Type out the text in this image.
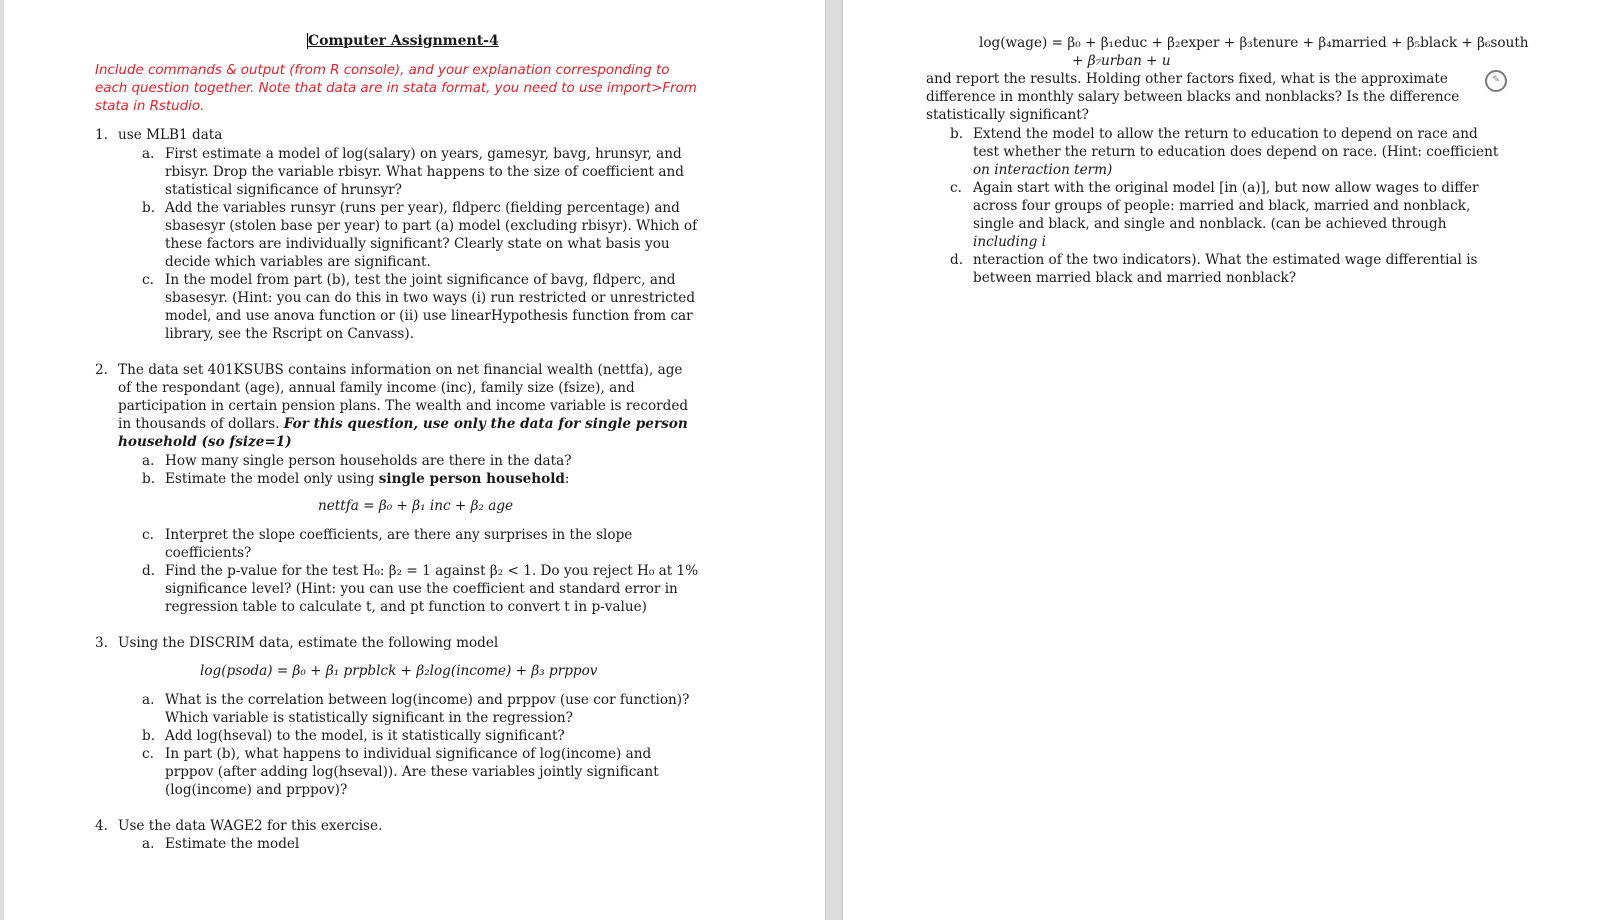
Computer Assignment-4
Include commands & output (from R console), and your explanation corresponding to
each question together. Note that data are in stata format, you need to use import>From
stata in Rstudio.
1. use MLB1 data
a. First estimate a model of log(salary) on years, gamesyr, bavg, hrunsyr, and
rbisyr. Drop the variable rbisyr. What happens to the size of coefficient and
statistical significance of hrunsyr?
b. Add the variables runsyr (runs per year), fldperc (fielding percentage) and
sbasesyr (stolen base per year) to part (a) model (excluding rbisyr). Which of
these factors are individually significant? Clearly state on what basis you
decide which variables are significant.
c. In the model from part (b), test the joint significance of bavg, fldperc, and
sbasesyr. (Hint: you can do this in two ways (i) run restricted or unrestricted
model, and use anova function or (ii) use linearHypothesis function from car
library, see the Rscript on Canvass).
2. The data set 401KSUBS contains information on net financial wealth (nettfa), age
of the respondant (age), annual family income (inc), family size (fsize), and
participation in certain pension plans. The wealth and income variable is recorded
in thousands of dollars. For this question, use only the data for single person
household (so fsize=1)
a. How many single person households are there in the data?
b. Estimate the model only using single person household:
nettfa = β₀ + β₁ inc + β₂ age
c. Interpret the slope coefficients, are there any surprises in the slope
coefficients?
d. Find the p-value for the test H₀: β₂ = 1 against β₂ < 1. Do you reject H₀ at 1%
significance level? (Hint: you can use the coefficient and standard error in
regression table to calculate t, and pt function to convert t in p-value)
3. Using the DISCRIM data, estimate the following model
log(psoda) = β₀ + β₁ prpblck + β₂log(income) + β₃ prppov
a. What is the correlation between log(income) and prppov (use cor function)?
Which variable is statistically significant in the regression?
b. Add log(hseval) to the model, is it statistically significant?
c. In part (b), what happens to individual significance of log(income) and
prppov (after adding log(hseval)). Are these variables jointly significant
(log(income) and prppov)?
4. Use the data WAGE2 for this exercise.
a. Estimate the model
log(wage) = β₀ + β₁educ + β₂exper + β₃tenure + β₄married + β₅black + β₆south
+ β₇urban + u
and report the results. Holding other factors fixed, what is the approximate
difference in monthly salary between blacks and nonblacks? Is the difference
statistically significant?
b. Extend the model to allow the return to education to depend on race and
test whether the return to education does depend on race. (Hint: coefficient
on interaction term)
c. Again start with the original model [in (a)], but now allow wages to differ
across four groups of people: married and black, married and nonblack,
single and black, and single and nonblack. (can be achieved through
including i
d. nteraction of the two indicators). What the estimated wage differential is
between married black and married nonblack?
✎
